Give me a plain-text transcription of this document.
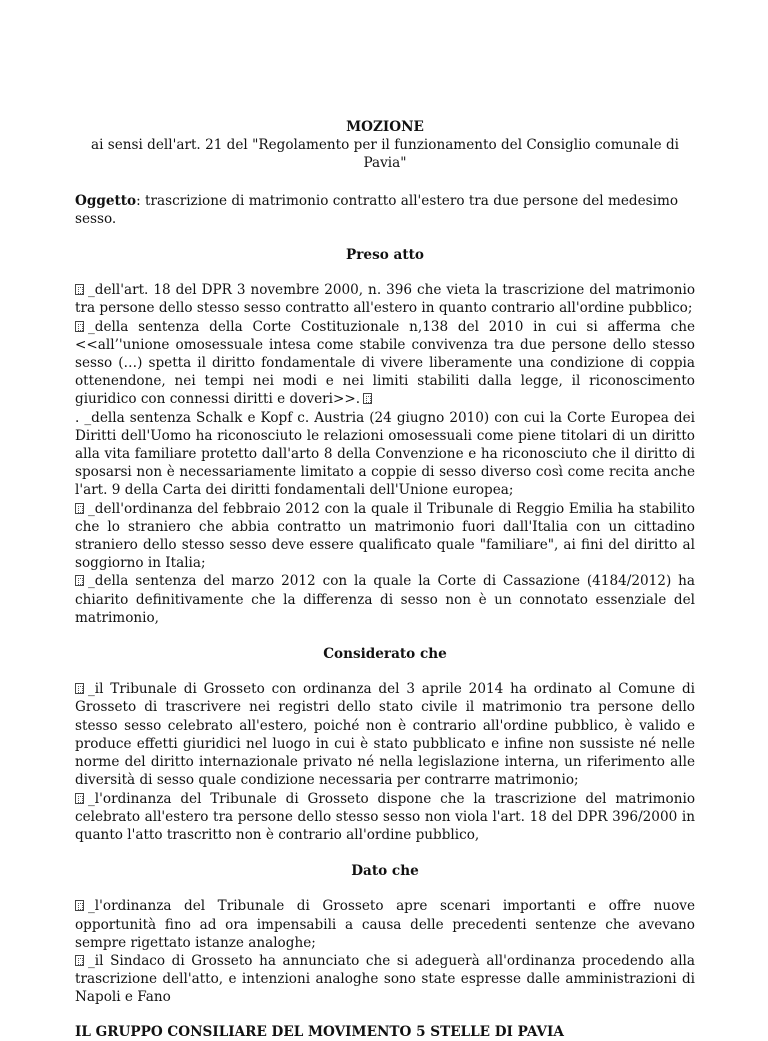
MOZIONE

ai sensi dell'art. 21 del "Regolamento per il funzionamento del Consiglio comunale di Pavia"

Oggetto: trascrizione di matrimonio contratto all'estero tra due persone del medesimo sesso.

Preso atto

_dell'art. 18 del DPR 3 novembre 2000, n. 396 che vieta la trascrizione del matrimonio tra persone dello stesso sesso contratto all'estero in quanto contrario all'ordine pubblico;

_della sentenza della Corte Costituzionale n,138 del 2010 in cui si afferma che <<all’'unione omosessuale intesa come stabile convivenza tra due persone dello stesso sesso (…) spetta il diritto fondamentale di vivere liberamente una condizione di coppia ottenendone, nei tempi nei modi e nei limiti stabiliti dalla legge, il riconoscimento giuridico con connessi diritti e doveri>>.

. _della sentenza Schalk e Kopf c. Austria (24 giugno 2010) con cui la Corte Europea dei Diritti dell'Uomo ha riconosciuto le relazioni omosessuali come piene titolari di un diritto alla vita familiare protetto dall'arto 8 della Convenzione e ha riconosciuto che il diritto di sposarsi non è necessariamente limitato a coppie di sesso diverso così come recita anche l'art. 9 della Carta dei diritti fondamentali dell'Unione europea;

_dell'ordinanza del febbraio 2012 con la quale il Tribunale di Reggio Emilia ha stabilito che lo straniero che abbia contratto un matrimonio fuori dall'Italia con un cittadino straniero dello stesso sesso deve essere qualificato quale "familiare", ai fini del diritto al soggiorno in Italia;

_della sentenza del marzo 2012 con la quale la Corte di Cassazione (4184/2012) ha chiarito definitivamente che la differenza di sesso non è un connotato essenziale del matrimonio,

Considerato che

_il Tribunale di Grosseto con ordinanza del 3 aprile 2014 ha ordinato al Comune di Grosseto di trascrivere nei registri dello stato civile il matrimonio tra persone dello stesso sesso celebrato all'estero, poiché non è contrario all'ordine pubblico, è valido e produce effetti giuridici nel luogo in cui è stato pubblicato e infine non sussiste né nelle norme del diritto internazionale privato né nella legislazione interna, un riferimento alle diversità di sesso quale condizione necessaria per contrarre matrimonio;

_l'ordinanza del Tribunale di Grosseto dispone che la trascrizione del matrimonio celebrato all'estero tra persone dello stesso sesso non viola l'art. 18 del DPR 396/2000 in quanto l'atto trascritto non è contrario all'ordine pubblico,

Dato che

_l'ordinanza del Tribunale di Grosseto apre scenari importanti e offre nuove opportunità fino ad ora impensabili a causa delle precedenti sentenze che avevano sempre rigettato istanze analoghe;

_il Sindaco di Grosseto ha annunciato che si adeguerà all'ordinanza procedendo alla trascrizione dell'atto, e intenzioni analoghe sono state espresse dalle amministrazioni di Napoli e Fano

IL GRUPPO CONSILIARE DEL MOVIMENTO 5 STELLE DI PAVIA
